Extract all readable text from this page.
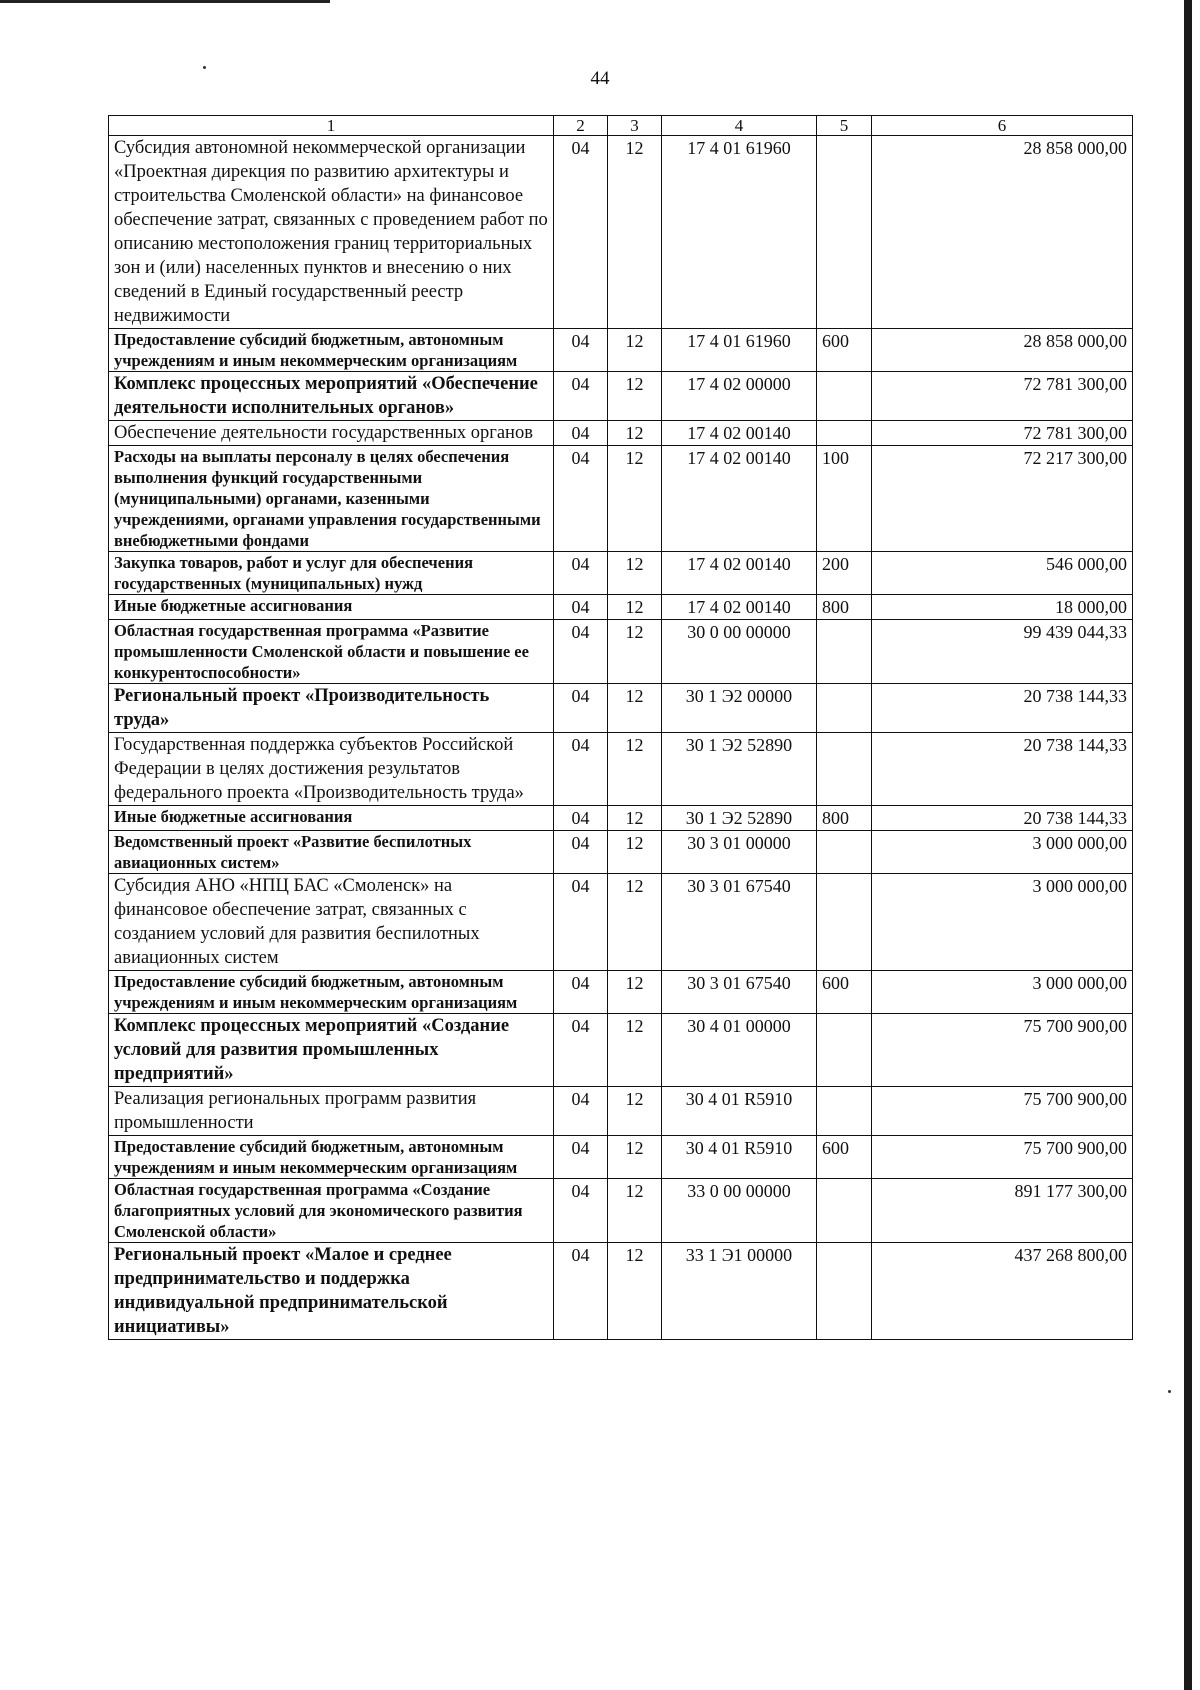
44
1	2	3	4	5	6
Субсидия автономной некоммерческой организации «Проектная дирекция по развитию архитектуры и строительства Смоленской области» на финансовое обеспечение затрат, связанных с проведением работ по описанию местоположения границ территориальных зон и (или) населенных пунктов и внесению о них сведений в Единый государственный реестр недвижимости	04	12	17 4 01 61960		28 858 000,00
Предоставление субсидий бюджетным, автономным учреждениям и иным некоммерческим организациям	04	12	17 4 01 61960	600	28 858 000,00
Комплекс процессных мероприятий «Обеспечение деятельности исполнительных органов»	04	12	17 4 02 00000		72 781 300,00
Обеспечение деятельности государственных органов	04	12	17 4 02 00140		72 781 300,00
Расходы на выплаты персоналу в целях обеспечения выполнения функций государственными (муниципальными) органами, казенными учреждениями, органами управления государственными внебюджетными фондами	04	12	17 4 02 00140	100	72 217 300,00
Закупка товаров, работ и услуг для обеспечения государственных (муниципальных) нужд	04	12	17 4 02 00140	200	546 000,00
Иные бюджетные ассигнования	04	12	17 4 02 00140	800	18 000,00
Областная государственная программа «Развитие промышленности Смоленской области и повышение ее конкурентоспособности»	04	12	30 0 00 00000		99 439 044,33
Региональный проект «Производительность труда»	04	12	30 1 Э2 00000		20 738 144,33
Государственная поддержка субъектов Российской Федерации в целях достижения результатов федерального проекта «Производительность труда»	04	12	30 1 Э2 52890		20 738 144,33
Иные бюджетные ассигнования	04	12	30 1 Э2 52890	800	20 738 144,33
Ведомственный проект «Развитие беспилотных авиационных систем»	04	12	30 3 01 00000		3 000 000,00
Субсидия АНО «НПЦ БАС «Смоленск» на финансовое обеспечение затрат, связанных с созданием условий для развития беспилотных авиационных систем	04	12	30 3 01 67540		3 000 000,00
Предоставление субсидий бюджетным, автономным учреждениям и иным некоммерческим организациям	04	12	30 3 01 67540	600	3 000 000,00
Комплекс процессных мероприятий «Создание условий для развития промышленных предприятий»	04	12	30 4 01 00000		75 700 900,00
Реализация региональных программ развития промышленности	04	12	30 4 01 R5910		75 700 900,00
Предоставление субсидий бюджетным, автономным учреждениям и иным некоммерческим организациям	04	12	30 4 01 R5910	600	75 700 900,00
Областная государственная программа «Создание благоприятных условий для экономического развития Смоленской области»	04	12	33 0 00 00000		891 177 300,00
Региональный проект «Малое и среднее предпринимательство и поддержка индивидуальной предпринимательской инициативы»	04	12	33 1 Э1 00000		437 268 800,00
